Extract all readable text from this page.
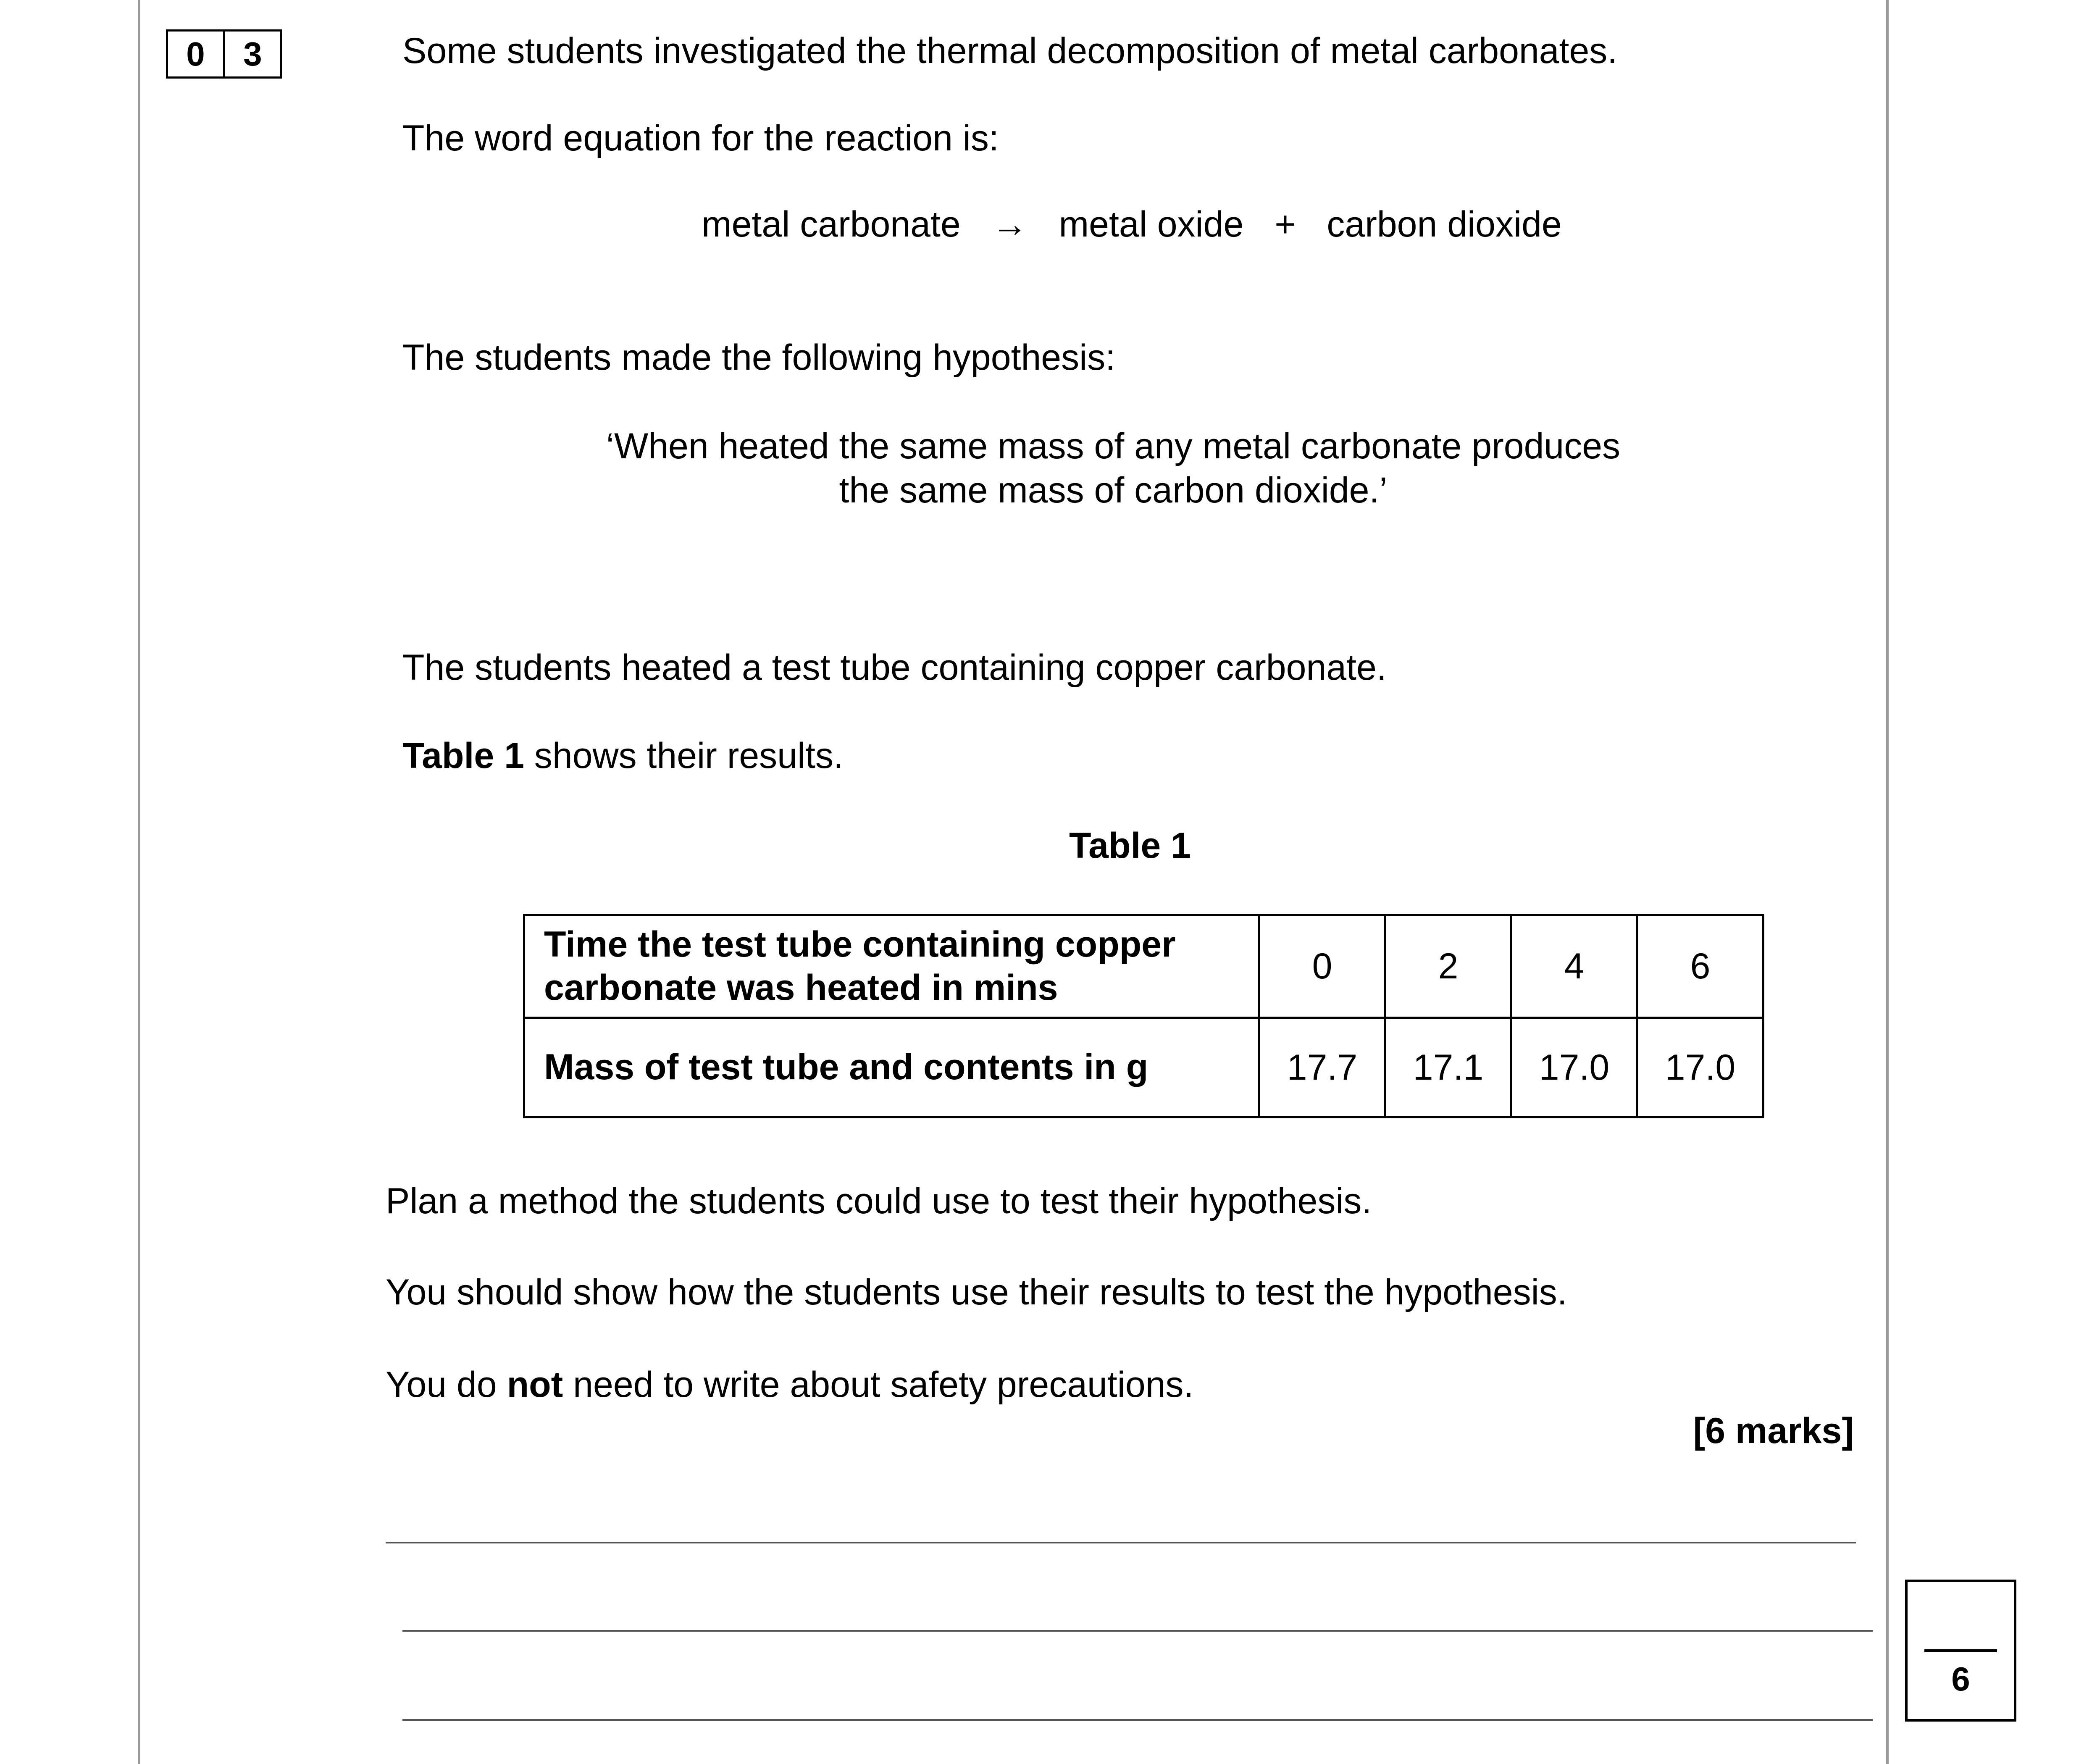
0	3	Some students investigated the thermal decomposition of metal carbonates.
The word equation for the reaction is:
metal carbonate → metal oxide + carbon dioxide
The students made the following hypothesis:
‘When heated the same mass of any metal carbonate produces
the same mass of carbon dioxide.’
The students heated a test tube containing copper carbonate.
Table 1 shows their results.
Table 1
Time the test tube containing copper
carbonate was heated in mins	0	2	4	6
Mass of test tube and contents in g	17.7	17.1	17.0	17.0
Plan a method the students could use to test their hypothesis.
You should show how the students use their results to test the hypothesis.
You do not need to write about safety precautions.
[6 marks]
6
